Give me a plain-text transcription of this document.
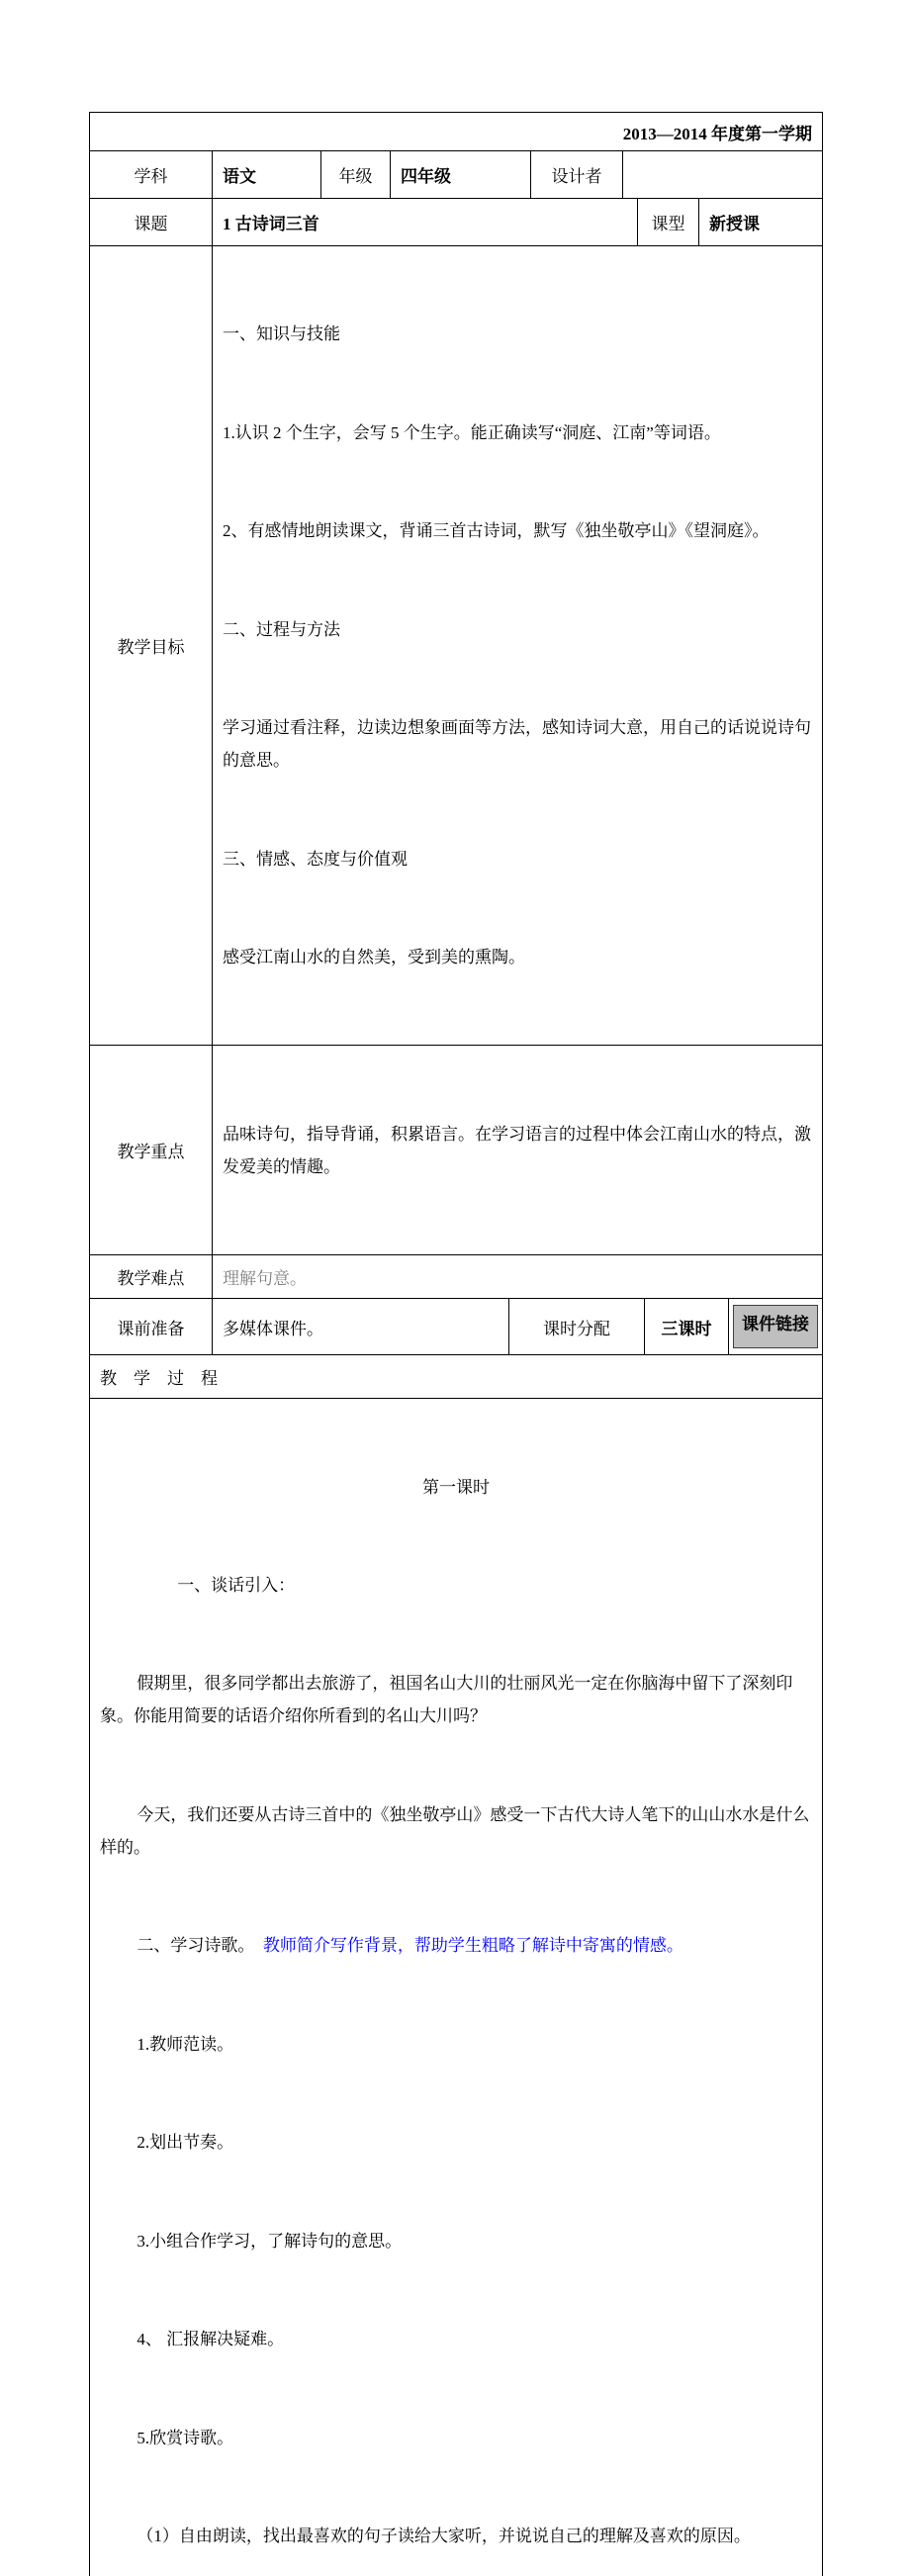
2013—2014 年度第一学期
学科	语文	年级	四年级	设计者
课题	1 古诗词三首	课型	新授课
教学目标

一、知识与技能

1.认识 2 个生字，会写 5 个生字。能正确读写“洞庭、江南”等词语。

2、有感情地朗读课文，背诵三首古诗词，默写《独坐敬亭山》《望洞庭》。

二、过程与方法

学习通过看注释，边读边想象画面等方法，感知诗词大意，用自己的话说说诗句的意思。

三、情感、态度与价值观

感受江南山水的自然美，受到美的熏陶。

教学重点

品味诗句，指导背诵，积累语言。在学习语言的过程中体会江南山水的特点，激发爱美的情趣。

教学难点	理解句意。
课前准备	多媒体课件。	课时分配	三课时	课件链接
教　学　过　程

第一课时

一、谈话引入：

假期里，很多同学都出去旅游了，祖国名山大川的壮丽风光一定在你脑海中留下了深刻印象。你能用简要的话语介绍你所看到的名山大川吗？

今天，我们还要从古诗三首中的《独坐敬亭山》感受一下古代大诗人笔下的山山水水是什么样的。

二、学习诗歌。  教师简介写作背景，帮助学生粗略了解诗中寄寓的情感。

1.教师范读。

2.划出节奏。

3.小组合作学习，了解诗句的意思。

4、 汇报解决疑难。

5.欣赏诗歌。

（1）自由朗读，找出最喜欢的句子读给大家听，并说说自己的理解及喜欢的原因。
